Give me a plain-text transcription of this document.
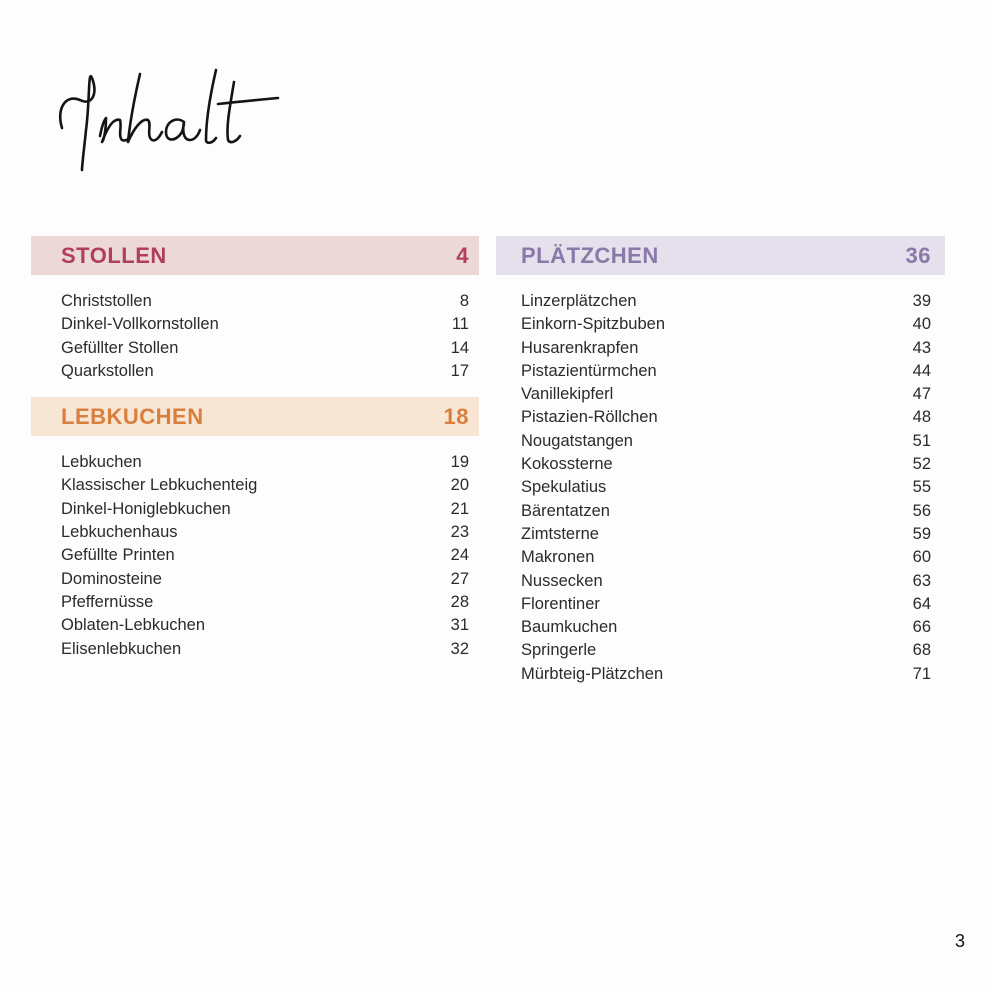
STOLLEN	4
Christstollen	8
Dinkel-Vollkornstollen	11
Gefüllter Stollen	14
Quarkstollen	17
LEBKUCHEN	18
Lebkuchen	19
Klassischer Lebkuchenteig	20
Dinkel-Honiglebkuchen	21
Lebkuchenhaus	23
Gefüllte Printen	24
Dominosteine	27
Pfeffernüsse	28
Oblaten-Lebkuchen	31
Elisenlebkuchen	32
PLÄTZCHEN	36
Linzerplätzchen	39
Einkorn-Spitzbuben	40
Husarenkrapfen	43
Pistazientürmchen	44
Vanillekipferl	47
Pistazien-Röllchen	48
Nougatstangen	51
Kokossterne	52
Spekulatius	55
Bärentatzen	56
Zimtsterne	59
Makronen	60
Nussecken	63
Florentiner	64
Baumkuchen	66
Springerle	68
Mürbteig-Plätzchen	71
3
